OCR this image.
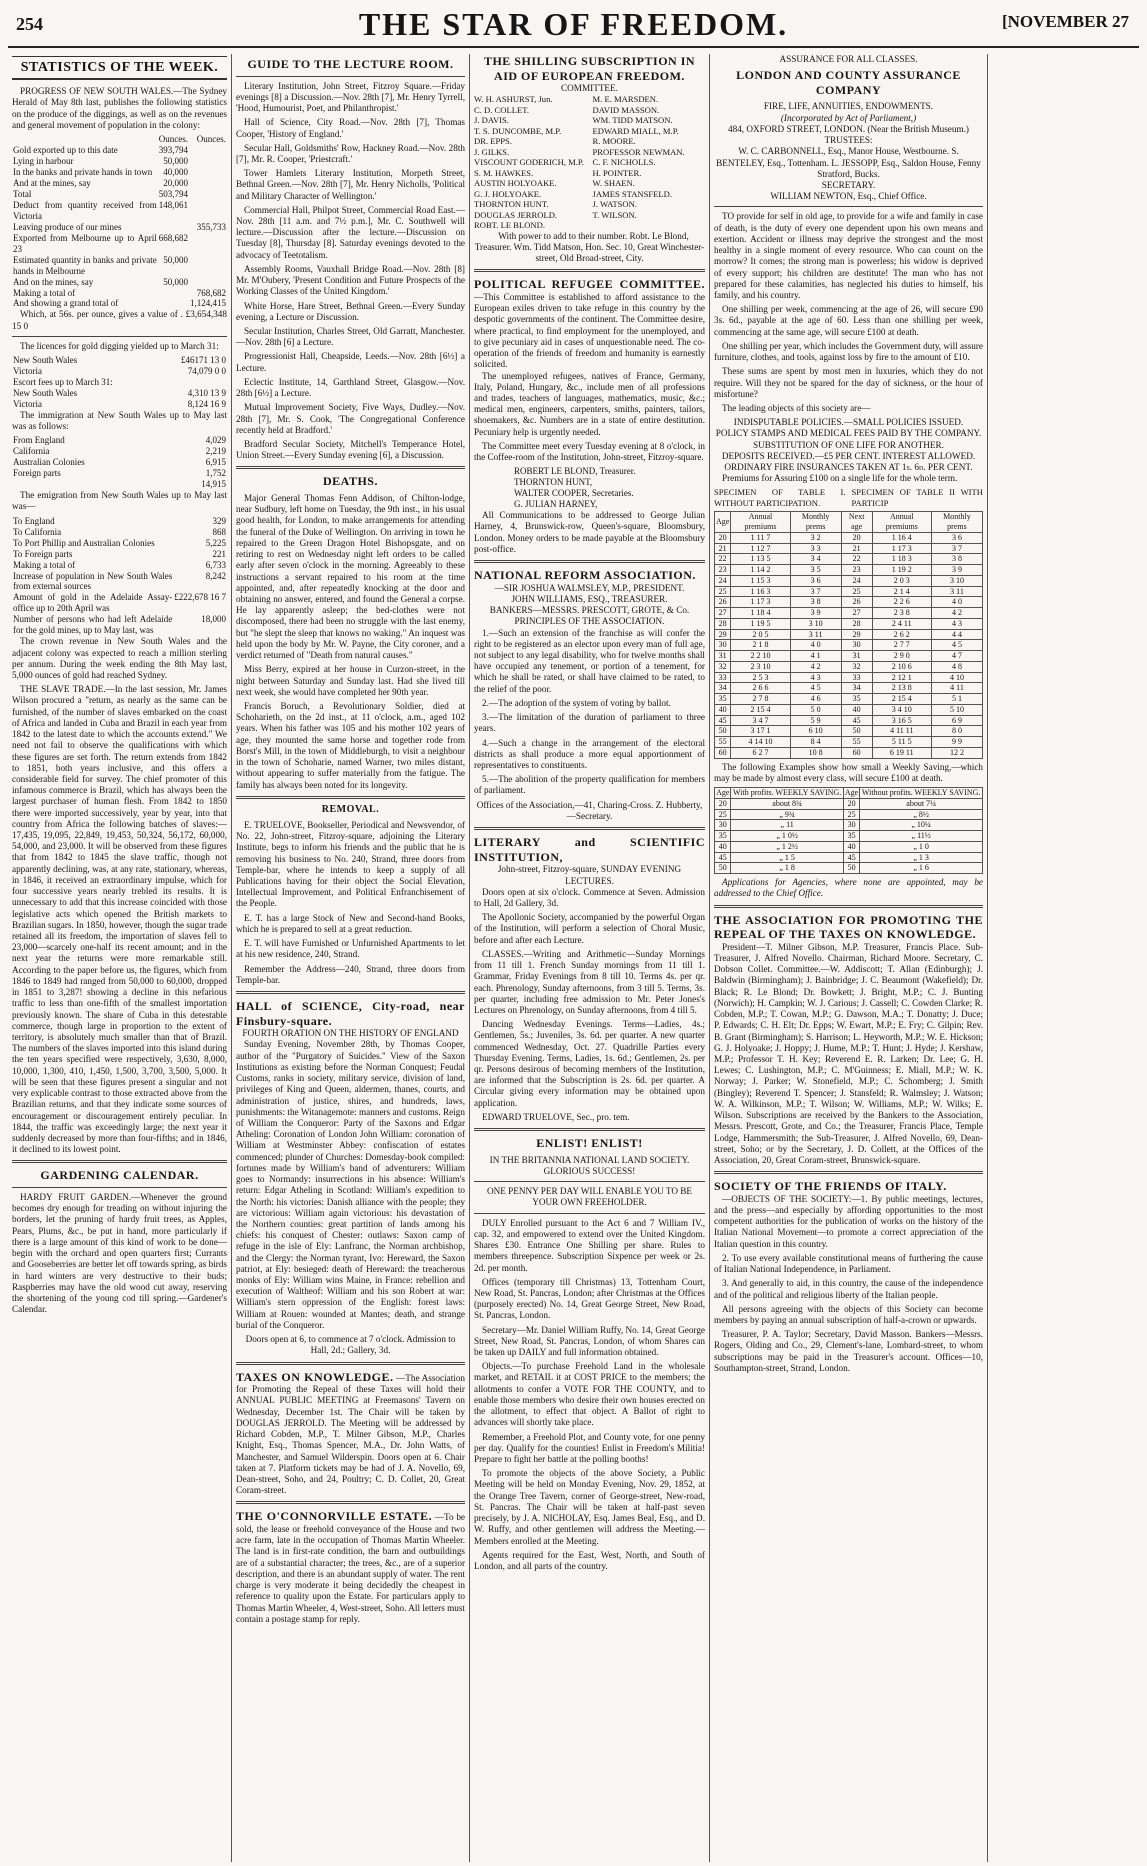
254	THE STAR OF FREEDOM.	[NOVEMBER 27
STATISTICS OF THE WEEK.

PROGRESS OF NEW SOUTH WALES.—The Sydney Herald of May 8th last, publishes the following statistics on the produce of the diggings, as well as on the revenues and general movement of population in the colony:

	Ounces.	Ounces.
Gold exported up to this date	393,794	
Lying in harbour	50,000	
In the banks and private hands in town	40,000	
And at the mines, say	20,000	
Total	503,794	
Deduct from quantity received from Victoria	148,061	
Leaving produce of our mines		355,733
Exported from Melbourne up to April 23	668,682	
Estimated quantity in banks and private hands in Melbourne	50,000	
And on the mines, say	50,000	
Making a total of		768,682
And showing a grand total of		1,124,415

Which, at 56s. per ounce, gives a value of . £3,654,348 15 0

The licences for gold digging yielded up to March 31:

New South Wales	£46171 13 0
Victoria	74,079 0 0
Escort fees up to March 31:	
New South Wales	4,310 13 9
Victoria	8,124 16 9

The immigration at New South Wales up to May last was as follows:

From England	4,029
California	2,219
Australian Colonies	6,915
Foreign parts	1,752
	14,915

The emigration from New South Wales up to May last was—

To England	329
To California	868
To Port Phillip and Australian Colonies	5,225
To Foreign parts	221
Making a total of	6,733
Increase of population in New South Wales from external sources	8,242
Amount of gold in the Adelaide Assay-office up to 20th April was	£222,678 16 7
Number of persons who had left Adelaide for the gold mines, up to May last, was	18,000

The crown revenue in New South Wales and the adjacent colony was expected to reach a million sterling per annum. During the week ending the 8th May last, 5,000 ounces of gold had reached Sydney.

THE SLAVE TRADE.—In the last session, Mr. James Wilson procured a "return, as nearly as the same can be furnished, of the number of slaves embarked on the coast of Africa and landed in Cuba and Brazil in each year from 1842 to the latest date to which the accounts extend." We need not fail to observe the qualifications with which these figures are set forth. The return extends from 1842 to 1851, both years inclusive, and this offers a considerable field for survey. The chief promoter of this infamous commerce is Brazil, which has always been the largest purchaser of human flesh. From 1842 to 1850 there were imported successively, year by year, into that country from Africa the following batches of slaves:—17,435, 19,095, 22,849, 19,453, 50,324, 56,172, 60,000, 54,000, and 23,000. It will be observed from these figures that from 1842 to 1845 the slave traffic, though not apparently declining, was, at any rate, stationary, whereas, in 1846, it received an extraordinary impulse, which for four successive years nearly trebled its results. It is unnecessary to add that this increase coincided with those legislative acts which opened the British markets to Brazilian sugars. In 1850, however, though the sugar trade retained all its freedom, the importation of slaves fell to 23,000—scarcely one-half its recent amount; and in the next year the returns were more remarkable still. According to the paper before us, the figures, which from 1846 to 1849 had ranged from 50,000 to 60,000, dropped in 1851 to 3,287! showing a decline in this nefarious traffic to less than one-fifth of the smallest importation previously known. The share of Cuba in this detestable commerce, though large in proportion to the extent of territory, is absolutely much smaller than that of Brazil. The numbers of the slaves imported into this island during the ten years specified were respectively, 3,630, 8,000, 10,000, 1,300, 410, 1,450, 1,500, 3,700, 3,500, 5,000. It will be seen that these figures present a singular and not very explicable contrast to those extracted above from the Brazilian returns, and that they indicate some sources of encouragement or discouragement entirely peculiar. In 1844, the traffic was exceedingly large; the next year it suddenly decreased by more than four-fifths; and in 1846, it declined to its lowest point.

GARDENING CALENDAR.

HARDY FRUIT GARDEN.—Whenever the ground becomes dry enough for treading on without injuring the borders, let the pruning of hardy fruit trees, as Apples, Pears, Plums, &c., be put in hand, more particularly if there is a large amount of this kind of work to be done—begin with the orchard and open quarters first; Currants and Gooseberries are better let off towards spring, as birds in hard winters are very destructive to their buds; Raspberries may have the old wood cut away, reserving the shortening of the young cod till spring.—Gardener's Calendar.

GUIDE TO THE LECTURE ROOM.

Literary Institution, John Street, Fitzroy Square.—Friday evenings [8] a Discussion.—Nov. 28th [7], Mr. Henry Tyrrell, 'Hood, Humourist, Poet, and Philanthropist.'

Hall of Science, City Road.—Nov. 28th [7], Thomas Cooper, 'History of England.'

Secular Hall, Goldsmiths' Row, Hackney Road.—Nov. 28th [7], Mr. R. Cooper, 'Priestcraft.'

Tower Hamlets Literary Institution, Morpeth Street, Bethnal Green.—Nov. 28th [7], Mr. Henry Nicholls, 'Political and Military Character of Wellington.'

Commercial Hall, Philpot Street, Commercial Road East.—Nov. 28th [11 a.m. and 7½ p.m.], Mr. C. Southwell will lecture.—Discussion after the lecture.—Discussion on Tuesday [8], Thursday [8]. Saturday evenings devoted to the advocacy of Teetotalism.

Assembly Rooms, Vauxhall Bridge Road.—Nov. 28th [8] Mr. M'Oubery, 'Present Condition and Future Prospects of the Working Classes of the United Kingdom.'

White Horse, Hare Street, Bethnal Green.—Every Sunday evening, a Lecture or Discussion.

Secular Institution, Charles Street, Old Garratt, Manchester.—Nov. 28th [6] a Lecture.

Progressionist Hall, Cheapside, Leeds.—Nov. 28th [6½] a Lecture.

Eclectic Institute, 14, Garthland Street, Glasgow.—Nov. 28th [6½] a Lecture.

Mutual Improvement Society, Five Ways, Dudley.—Nov. 28th [7], Mr. S. Cook, 'The Congregational Conference recently held at Bradford.'

Bradford Secular Society, Mitchell's Temperance Hotel, Union Street.—Every Sunday evening [6], a Discussion.

DEATHS.

Major General Thomas Fenn Addison, of Chilton-lodge, near Sudbury, left home on Tuesday, the 9th inst., in his usual good health, for London, to make arrangements for attending the funeral of the Duke of Wellington. On arriving in town he repaired to the Green Dragon Hotel Bishopsgate, and on retiring to rest on Wednesday night left orders to be called early after seven o'clock in the morning. Agreeably to these instructions a servant repaired to his room at the time appointed, and, after repeatedly knocking at the door and obtaining no answer, entered, and found the General a corpse. He lay apparently asleep; the bed-clothes were not discomposed, there had been no struggle with the last enemy, but "he slept the sleep that knows no waking." An inquest was held upon the body by Mr. W. Payne, the City coroner, and a verdict returned of "Death from natural causes."

Miss Berry, expired at her house in Curzon-street, in the night between Saturday and Sunday last. Had she lived till next week, she would have completed her 90th year.

Francis Boruch, a Revolutionary Soldier, died at Schoharieth, on the 2d inst., at 11 o'clock, a.m., aged 102 years. When his father was 105 and his mother 102 years of age, they mounted the same horse and together rode from Borst's Mill, in the town of Middleburgh, to visit a neighbour in the town of Schoharie, named Warner, two miles distant, without appearing to suffer materially from the fatigue. The family has always been noted for its longevity.

REMOVAL.

E. TRUELOVE, Bookseller, Periodical and Newsvendor, of No. 22, John-street, Fitzroy-square, adjoining the Literary Institute, begs to inform his friends and the public that he is removing his business to No. 240, Strand, three doors from Temple-bar, where he intends to keep a supply of all Publications having for their object the Social Elevation, Intellectual Improvement, and Political Enfranchisement of the People.

E. T. has a large Stock of New and Second-hand Books, which he is prepared to sell at a great reduction.

E. T. will have Furnished or Unfurnished Apartments to let at his new residence, 240, Strand.

Remember the Address—240, Strand, three doors from Temple-bar.

HALL of SCIENCE, City-road, near Finsbury-square.
FOURTH ORATION ON THE HISTORY OF ENGLAND

Sunday Evening, November 28th, by Thomas Cooper, author of the "Purgatory of Suicides." View of the Saxon Institutions as existing before the Norman Conquest; Feudal Customs, ranks in society, military service, division of land, privileges of King and Queen, aldermen, thanes, courts, and administration of justice, shires, and hundreds, laws, punishments: the Witanagemote: manners and customs. Reign of William the Conqueror: Party of the Saxons and Edgar Atheling: Coronation of London John William: coronation of William at Westminster Abbey: confiscation of estates commenced; plunder of Churches: Domesday-book compiled: fortunes made by William's band of adventurers: William goes to Normandy: insurrections in his absence: William's return: Edgar Atheling in Scotland: William's expedition to the North: his victories: Danish alliance with the people; they are victorious: William again victorious: his devastation of the Northern counties: great partition of lands among his chiefs: his conquest of Chester: outlaws: Saxon camp of refuge in the isle of Ely: Lanfranc, the Norman archbishop, and the Clergy: the Norman tyrant, Ivo: Hereward, the Saxon patriot, at Ely: besieged: death of Hereward: the treacherous monks of Ely: William wins Maine, in France: rebellion and execution of Waltheof: William and his son Robert at war: William's stern oppression of the English: forest laws: William at Rouen: wounded at Mantes; death, and strange burial of the Conqueror.

Doors open at 6, to commence at 7 o'clock. Admission to Hall, 2d.; Gallery, 3d.
TAXES ON KNOWLEDGE. —The Association for Promoting the Repeal of these Taxes will hold their ANNUAL PUBLIC MEETING at Freemasons' Tavern on Wednesday, December 1st. The Chair will be taken by DOUGLAS JERROLD. The Meeting will be addressed by Richard Cobden, M.P., T. Milner Gibson, M.P., Charles Knight, Esq., Thomas Spencer, M.A., Dr. John Watts, of Manchester, and Samuel Wilderspin. Doors open at 6. Chair taken at 7. Platform tickets may be had of J. A. Novello, 69, Dean-street, Soho, and 24, Poultry; C. D. Collet, 20, Great Coram-street.
THE O'CONNORVILLE ESTATE. —To be sold, the lease or freehold conveyance of the House and two acre farm, late in the occupation of Thomas Martin Wheeler. The land is in first-rate condition, the barn and outbuildings are of a substantial character; the trees, &c., are of a superior description, and there is an abundant supply of water. The rent charge is very moderate it being decidedly the cheapest in reference to quality upon the Estate. For particulars apply to Thomas Martin Wheeler, 4, West-street, Soho. All letters must contain a postage stamp for reply.
THE SHILLING SUBSCRIPTION IN AID OF EUROPEAN FREEDOM.
COMMITTEE.
W. H. ASHURST, Jun.
C. D. COLLET.
J. DAVIS.
T. S. DUNCOMBE, M.P.
DR. EPPS.
J. GILKS.
VISCOUNT GODERICH, M.P.
S. M. HAWKES.
AUSTIN HOLYOAKE.
G. J. HOLYOAKE.
THORNTON HUNT.
DOUGLAS JERROLD.
ROBT. LE BLOND.
M. E. MARSDEN.
DAVID MASSON.
WM. TIDD MATSON.
EDWARD MIALL, M.P.
R. MOORE.
PROFESSOR NEWMAN.
C. F. NICHOLLS.
H. POINTER.
W. SHAEN.
JAMES STANSFELD.
J. WATSON.
T. WILSON.

With power to add to their number. Robt. Le Blond, Treasurer. Wm. Tidd Matson, Hon. Sec. 10, Great Winchester-street, Old Broad-street, City.

POLITICAL REFUGEE COMMITTEE. —This Committee is established to afford assistance to the European exiles driven to take refuge in this country by the despotic governments of the continent. The Committee desire, where practical, to find employment for the unemployed, and to give pecuniary aid in cases of unquestionable need. The co-operation of the friends of freedom and humanity is earnestly solicited.

The unemployed refugees, natives of France, Germany, Italy, Poland, Hungary, &c., include men of all professions and trades, teachers of languages, mathematics, music, &c.; medical men, engineers, carpenters, smiths, painters, tailors, shoemakers, &c. Numbers are in a state of entire destitution. Pecuniary help is urgently needed.

The Committee meet every Tuesday evening at 8 o'clock, in the Coffee-room of the Institution, John-street, Fitzroy-square.

ROBERT LE BLOND, Treasurer.
THORNTON HUNT,
WALTER COOPER, Secretaries.
G. JULIAN HARNEY,

All Communications to be addressed to George Julian Harney, 4, Brunswick-row, Queen's-square, Bloomsbury, London. Money orders to be made payable at the Bloomsbury post-office.

NATIONAL REFORM ASSOCIATION.
—SIR JOSHUA WALMSLEY, M.P., PRESIDENT.
JOHN WILLIAMS, ESQ., TREASURER.
BANKERS—MESSRS. PRESCOTT, GROTE, & Co.
PRINCIPLES OF THE ASSOCIATION.

1.—Such an extension of the franchise as will confer the right to be registered as an elector upon every man of full age, not subject to any legal disability, who for twelve months shall have occupied any tenement, or portion of a tenement, for which he shall be rated, or shall have claimed to be rated, to the relief of the poor.

2.—The adoption of the system of voting by ballot.

3.—The limitation of the duration of parliament to three years.

4.—Such a change in the arrangement of the electoral districts as shall produce a more equal apportionment of representatives to constituents.

5.—The abolition of the property qualification for members of parliament.

Offices of the Association,—41, Charing-Cross. Z. Hubberty,—Secretary.
LITERARY and SCIENTIFIC INSTITUTION,
John-street, Fitzroy-square, SUNDAY EVENING LECTURES.

Doors open at six o'clock. Commence at Seven. Admission to Hall, 2d Gallery, 3d.

The Apollonic Society, accompanied by the powerful Organ of the Institution, will perform a selection of Choral Music, before and after each Lecture.

CLASSES.—Writing and Arithmetic—Sunday Mornings from 11 till 1. French Sunday mornings from 11 till 1. Grammar, Friday Evenings from 8 till 10. Terms 4s. per qr. each. Phrenology, Sunday afternoons, from 3 till 5. Terms, 3s. per quarter, including free admission to Mr. Peter Jones's Lectures on Phrenology, on Sunday afternoons, from 4 till 5.

Dancing Wednesday Evenings. Terms—Ladies, 4s.; Gentlemen, 5s.; Juveniles, 3s. 6d. per quarter. A new quarter commenced Wednesday, Oct. 27. Quadrille Parties every Thursday Evening. Terms, Ladies, 1s. 6d.; Gentlemen, 2s. per qr. Persons desirous of becoming members of the Institution, are informed that the Subscription is 2s. 6d. per quarter. A Circular giving every information may be obtained upon application.

EDWARD TRUELOVE, Sec., pro. tem.

ENLIST! ENLIST!
IN THE BRITANNIA NATIONAL LAND SOCIETY. GLORIOUS SUCCESS!
ONE PENNY PER DAY WILL ENABLE YOU TO BE YOUR OWN FREEHOLDER.

DULY Enrolled pursuant to the Act 6 and 7 William IV., cap. 32, and empowered to extend over the United Kingdom. Shares £30. Entrance One Shilling per share. Rules to members threepence. Subscription Sixpence per week or 2s. 2d. per month.

Offices (temporary till Christmas) 13, Tottenham Court, New Road, St. Pancras, London; after Christmas at the Offices (purposely erected) No. 14, Great George Street, New Road, St. Pancras, London.

Secretary—Mr. Daniel William Ruffy, No. 14, Great George Street, New Road, St. Pancras, London, of whom Shares can be taken up DAILY and full information obtained.

Objects.—To purchase Freehold Land in the wholesale market, and RETAIL it at COST PRICE to the members; the allotments to confer a VOTE FOR THE COUNTY, and to enable those members who desire their own houses erected on the allotment, to effect that object. A Ballot of right to advances will shortly take place.

Remember, a Freehold Plot, and County vote, for one penny per day. Qualify for the counties! Enlist in Freedom's Militia! Prepare to fight her battle at the polling booths!

To promote the objects of the above Society, a Public Meeting will be held on Monday Evening, Nov. 29, 1852, at the Orange Tree Tavern, corner of George-street, New-road, St. Pancras. The Chair will be taken at half-past seven precisely, by J. A. NICHOLAY, Esq. James Beal, Esq., and D. W. Ruffy, and other gentlemen will address the Meeting.—Members enrolled at the Meeting.

Agents required for the East, West, North, and South of London, and all parts of the country.

ASSURANCE FOR ALL CLASSES.
LONDON AND COUNTY ASSURANCE COMPANY
FIRE, LIFE, ANNUITIES, ENDOWMENTS.
(Incorporated by Act of Parliament,)
484, OXFORD STREET, LONDON. (Near the British Museum.)
TRUSTEES:
W. C. CARBONNELL, Esq., Manor House, Westbourne. S. BENTELEY, Esq., Tottenham. L. JESSOPP, Esq., Saldon House, Fenny Stratford, Bucks.
SECRETARY.
WILLIAM NEWTON, Esq., Chief Office.

TO provide for self in old age, to provide for a wife and family in case of death, is the duty of every one dependent upon his own means and exertion. Accident or illness may deprive the strongest and the most healthy in a single moment of every resource. Who can count on the morrow? It comes; the strong man is powerless; his widow is deprived of every support; his children are destitute! The man who has not prepared for these calamities, has neglected his duties to himself, his family, and his country.

One shilling per week, commencing at the age of 26, will secure £90 3s. 6d., payable at the age of 60. Less than one shilling per week, commencing at the same age, will secure £100 at death.

One shilling per year, which includes the Government duty, will assure furniture, clothes, and tools, against loss by fire to the amount of £10.

These sums are spent by most men in luxuries, which they do not require. Will they not be spared for the day of sickness, or the hour of misfortune?

The leading objects of this society are—

INDISPUTABLE POLICIES.—SMALL POLICIES ISSUED.
POLICY STAMPS AND MEDICAL FEES PAID BY THE COMPANY.
SUBSTITUTION OF ONE LIFE FOR ANOTHER.
DEPOSITS RECEIVED.—£5 PER CENT. INTEREST ALLOWED.
ORDINARY FIRE INSURANCES TAKEN AT 1s. 6d. PER CENT.

Premiums for Assuring £100 on a single life for the whole term.

SPECIMEN OF TABLE I. WITHOUT PARTICIPATION.
SPECIMEN OF TABLE II WITH PARTICIP
Age	Annual premiums	Monthly prems	Next age	Annual premiums	Monthly prems
20	1 11 7	3 2	20	1 16 4	3 6
21	1 12 7	3 3	21	1 17 3	3 7
22	1 13 5	3 4	22	1 18 3	3 8
23	1 14 2	3 5	23	1 19 2	3 9
24	1 15 3	3 6	24	2 0 3	3 10
25	1 16 3	3 7	25	2 1 4	3 11
26	1 17 3	3 8	26	2 2 6	4 0
27	1 18 4	3 9	27	2 3 8	4 2
28	1 19 5	3 10	28	2 4 11	4 3
29	2 0 5	3 11	29	2 6 2	4 4
30	2 1 8	4 0	30	2 7 7	4 5
31	2 2 10	4 1	31	2 9 0	4 7
32	2 3 10	4 2	32	2 10 6	4 8
33	2 5 3	4 3	33	2 12 1	4 10
34	2 6 6	4 5	34	2 13 8	4 11
35	2 7 8	4 6	35	2 15 4	5 1
40	2 15 4	5 0	40	3 4 10	5 10
45	3 4 7	5 9	45	3 16 5	6 9
50	3 17 1	6 10	50	4 11 11	8 0
55	4 14 10	8 4	55	5 11 5	9 9
60	6 2 7	10 8	60	6 19 11	12 2

The following Examples show how small a Weekly Saving,—which may be made by almost every class, will secure £100 at death.

Age	With profits. WEEKLY SAVING.	Age	Without profits. WEEKLY SAVING.
20	about 8¾	20	about 7¼
25	„ 9¾	25	„ 8½
30	„ 11	30	„ 10¼
35	„ 1 0½	35	„ 11½
40	„ 1 2½	40	„ 1 0
45	„ 1 5	45	„ 1 3
50	„ 1 8	50	„ 1 6

Applications for Agencies, where none are appointed, may be addressed to the Chief Office.

THE ASSOCIATION FOR PROMOTING THE REPEAL OF THE TAXES ON KNOWLEDGE.

President—T. Milner Gibson, M.P. Treasurer, Francis Place. Sub-Treasurer, J. Alfred Novello. Chairman, Richard Moore. Secretary, C. Dobson Collet. Committee.—W. Addiscott; T. Allan (Edinburgh); J. Baldwin (Birmingham); J. Bainbridge; J. C. Beaumont (Wakefield); Dr. Black; R. Le Blond; Dr. Bowkett; J. Bright, M.P.; C. J. Bunting (Norwich); H. Campkin; W. J. Carious; J. Cassell; C. Cowden Clarke; R. Cobden, M.P.; T. Cowan, M.P.; G. Dawson, M.A.; T. Donatty; J. Duce; P. Edwards; C. H. Elt; Dr. Epps; W. Ewart, M.P.; E. Fry; C. Gilpin; Rev. B. Grant (Birmingham); S. Harrison; L. Heyworth, M.P.; W. E. Hickson; G. J. Holyoake; J. Hoppy; J. Hume, M.P.; T. Hunt; J. Hyde; J. Kershaw, M.P.; Professor T. H. Key; Reverend E. R. Larken; Dr. Lee; G. H. Lewes; C. Lushington, M.P.; C. M'Guinness; E. Miall, M.P.; W. K. Norway; J. Parker; W. Stonefield, M.P.; C. Schomberg; J. Smith (Bingley); Reverend T. Spencer; J. Stansfeld; R. Walmsley; J. Watson; W. A. Wilkinson, M.P.; T. Wilson; W. Williams, M.P.; W. Wilks; E. Wilson. Subscriptions are received by the Bankers to the Association, Messrs. Prescott, Grote, and Co.; the Treasurer, Francis Place, Temple Lodge, Hammersmith; the Sub-Treasurer, J. Alfred Novello, 69, Dean-street, Soho; or by the Secretary, J. D. Collett, at the Offices of the Association, 20, Great Coram-street, Brunswick-square.

SOCIETY OF THE FRIENDS OF ITALY.

—OBJECTS OF THE SOCIETY:—1. By public meetings, lectures, and the press—and especially by affording opportunities to the most competent authorities for the publication of works on the history of the Italian National Movement—to promote a correct appreciation of the Italian question in this country.

2. To use every available constitutional means of furthering the cause of Italian National Independence, in Parliament.

3. And generally to aid, in this country, the cause of the independence and of the political and religious liberty of the Italian people.

All persons agreeing with the objects of this Society can become members by paying an annual subscription of half-a-crown or upwards.

Treasurer, P. A. Taylor; Secretary, David Masson. Bankers—Messrs. Rogers, Olding and Co., 29, Clement's-lane, Lombard-street, to whom subscriptions may be paid in the Treasurer's account. Offices—10, Southampton-street, Strand, London.
